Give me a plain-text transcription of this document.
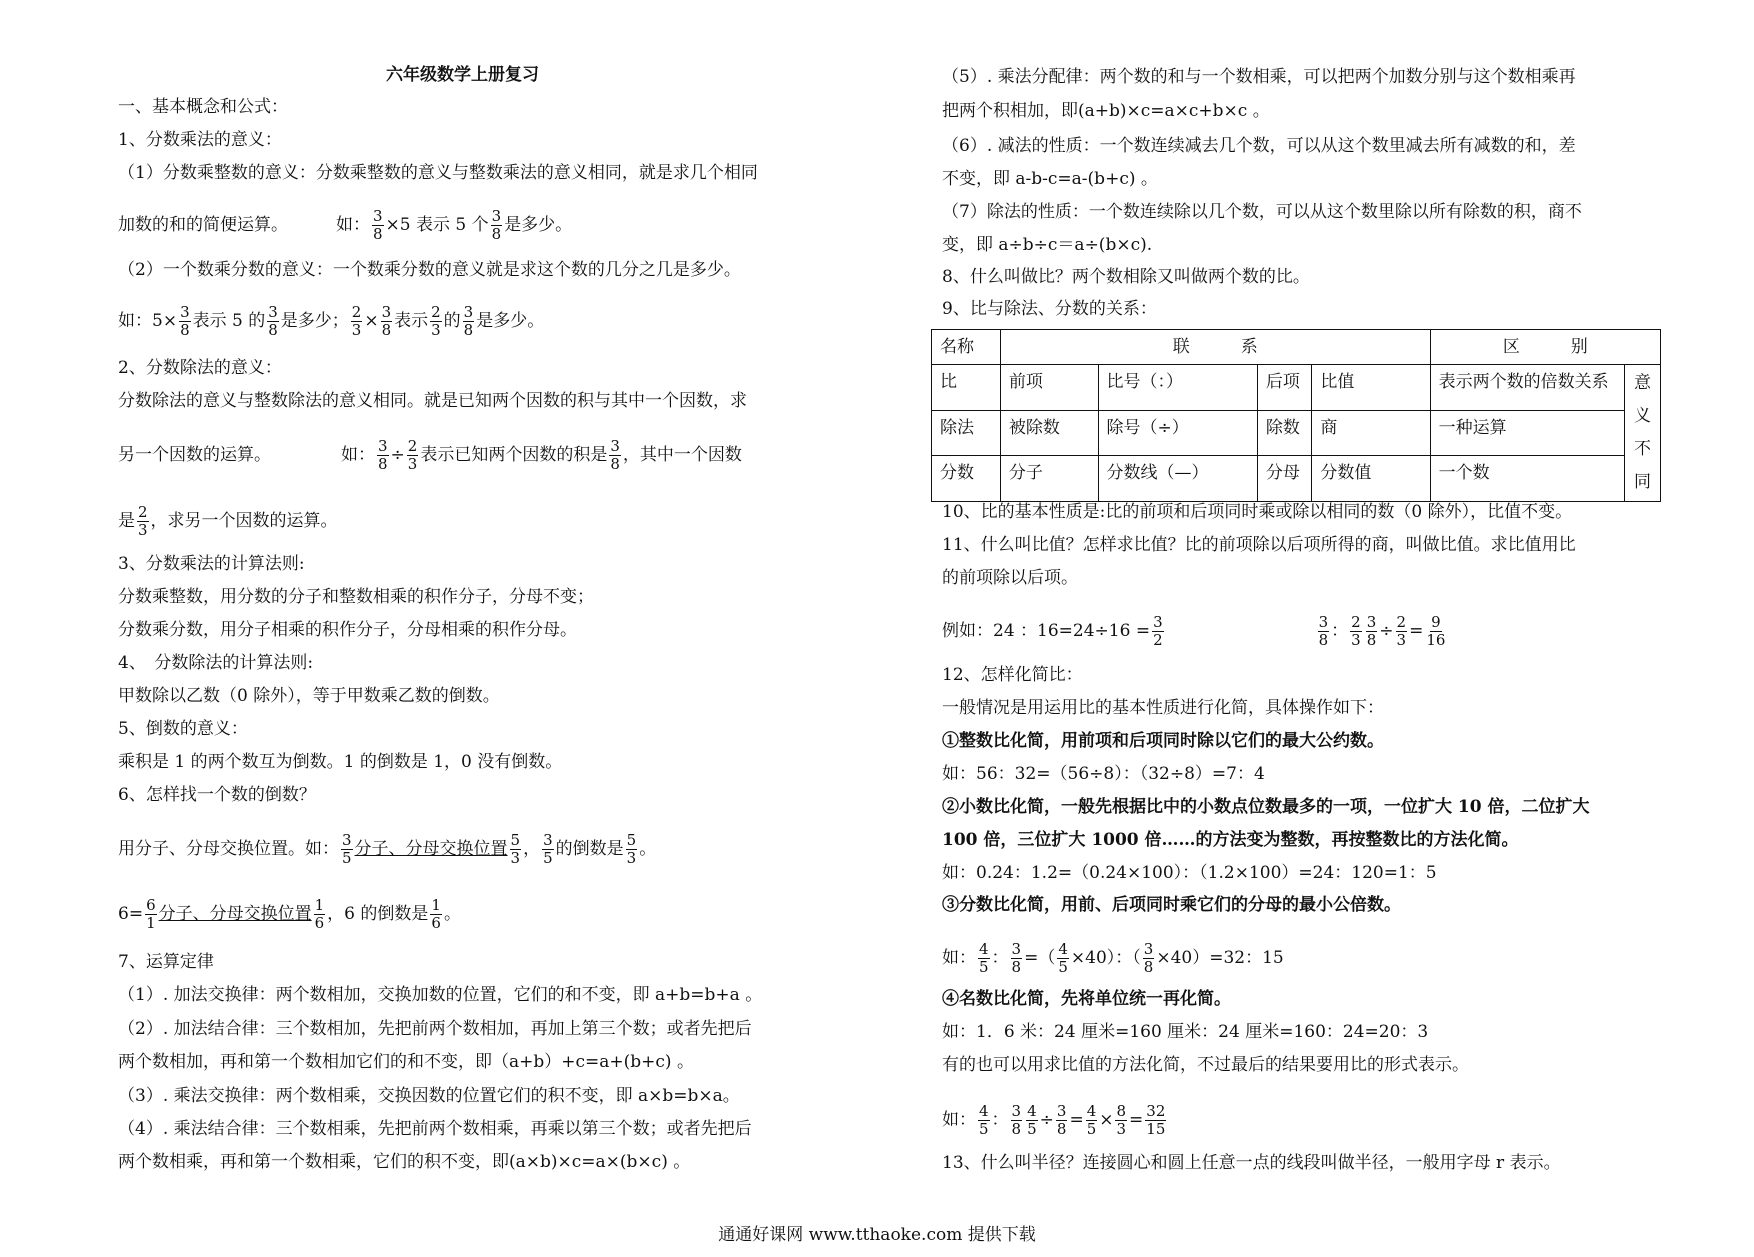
六年级数学上册复习
一、基本概念和公式：
1、分数乘法的意义：
（1）分数乘整数的意义：分数乘整数的意义与整数乘法的意义相同，就是求几个相同
加数的和的简便运算。	如： $\frac{3}{8} \times 5$ 表示 5 个 $\frac{3}{8}$ 是多少。
（2）一个数乘分数的意义：一个数乘分数的意义就是求这个数的几分之几是多少。
如：$5\times \frac{3}{8}$ 表示 5 的 $\frac{3}{8}$ 是多少； $\frac{2}{3} \times \frac{3}{8}$ 表示 $\frac{2}{3}$ 的 $\frac{3}{8}$ 是多少。
2、分数除法的意义：
分数除法的意义与整数除法的意义相同。就是已知两个因数的积与其中一个因数，求
另一个因数的运算。	如： $\frac{3}{8} \div \frac{2}{3}$ 表示已知两个因数的积是 $\frac{3}{8}$ ，其中一个因数
是 $\frac{2}{3}$ ，求另一个因数的运算。
3、分数乘法的计算法则:
分数乘整数，用分数的分子和整数相乘的积作分子，分母不变；
分数乘分数，用分子相乘的积作分子，分母相乘的积作分母。
4、　分数除法的计算法则:
甲数除以乙数（0 除外），等于甲数乘乙数的倒数。
5、倒数的意义：
乘积是 1 的两个数互为倒数。1 的倒数是 1，0 没有倒数。
6、怎样找一个数的倒数？
用分子、分母交换位置。如： $\frac{3}{5}$ 分子、分母交换位置 $\frac{5}{3}$ ， $\frac{3}{5}$ 的倒数是 $\frac{5}{3}$ 。
$6= \frac{6}{1}$ 分子、分母交换位置 $\frac{1}{6}$ ，6 的倒数是 $\frac{1}{6}$ 。
7、运算定律
（1）. 加法交换律：两个数相加，交换加数的位置，它们的和不变，即 a+b=b+a 。
（2）. 加法结合律：三个数相加，先把前两个数相加，再加上第三个数；或者先把后
两个数相加，再和第一个数相加它们的和不变，即（a+b）+c=a+(b+c) 。
（3）. 乘法交换律：两个数相乘，交换因数的位置它们的积不变，即 a×b=b×a。
（4）. 乘法结合律：三个数相乘，先把前两个数相乘，再乘以第三个数；或者先把后
两个数相乘，再和第一个数相乘，它们的积不变，即(a×b)×c=a×(b×c) 。
（5）. 乘法分配律：两个数的和与一个数相乘，可以把两个加数分别与这个数相乘再
把两个积相加，即(a+b)×c=a×c+b×c 。
（6）. 减法的性质：一个数连续减去几个数，可以从这个数里减去所有减数的和，差
不变，即 a-b-c=a-(b+c) 。
（7）除法的性质：一个数连续除以几个数，可以从这个数里除以所有除数的积，商不
变，即 a÷b÷c＝a÷(b×c).
8、什么叫做比？两个数相除又叫做两个数的比。
9、比与除法、分数的关系：
10、比的基本性质是:比的前项和后项同时乘或除以相同的数（0 除外），比值不变。
11、什么叫比值？怎样求比值？比的前项除以后项所得的商，叫做比值。求比值用比
的前项除以后项。
例如：24 ：$16=24\div 16 = \frac{3}{2}$	$\frac{3}{8}$ ： $\frac{2}{3} \frac{3}{8} \div \frac{2}{3} = \frac{9}{16}$
12、怎样化简比：
一般情况是用运用比的基本性质进行化简，具体操作如下：
①整数比化简，用前项和后项同时除以它们的最大公约数。
如：56：32=（56÷8）：（32÷8）=7：4
②小数比化简，一般先根据比中的小数点位数最多的一项，一位扩大 10 倍，二位扩大
100 倍，三位扩大 1000 倍……的方法变为整数，再按整数比的方法化简。
如：0.24：1.2=（0.24×100）：（1.2×100）=24：120=1：5
③分数比化简，用前、后项同时乘它们的分母的最小公倍数。
如： $\frac{4}{5}$ ： $\frac{3}{8}$ =（ $\frac{4}{5} \times 40$）：（ $\frac{3}{8} \times 40)=32$：15
④名数比化简，先将单位统一再化简。
如：1．6 米：24 厘米=160 厘米：24 厘米=160：24=20：3
有的也可以用求比值的方法化简，不过最后的结果要用比的形式表示。
如： $\frac{4}{5}$ ： $\frac{3}{8} \frac{4}{5} \div \frac{3}{8} = \frac{4}{5} \times \frac{8}{3} = \frac{32}{15}$
13、什么叫半径？连接圆心和圆上任意一点的线段叫做半径，一般用字母 r 表示。
名称	联　　　系				区　　　别	
比	前项	比号（：）	后项	比值	表示两个数的倍数关系	意义不同
除法	被除数	除号（÷）	除数	商	一种运算	
分数	分子	分数线（—）	分母	分数值	一个数	
通通好课网 www.tthaoke.com 提供下载
